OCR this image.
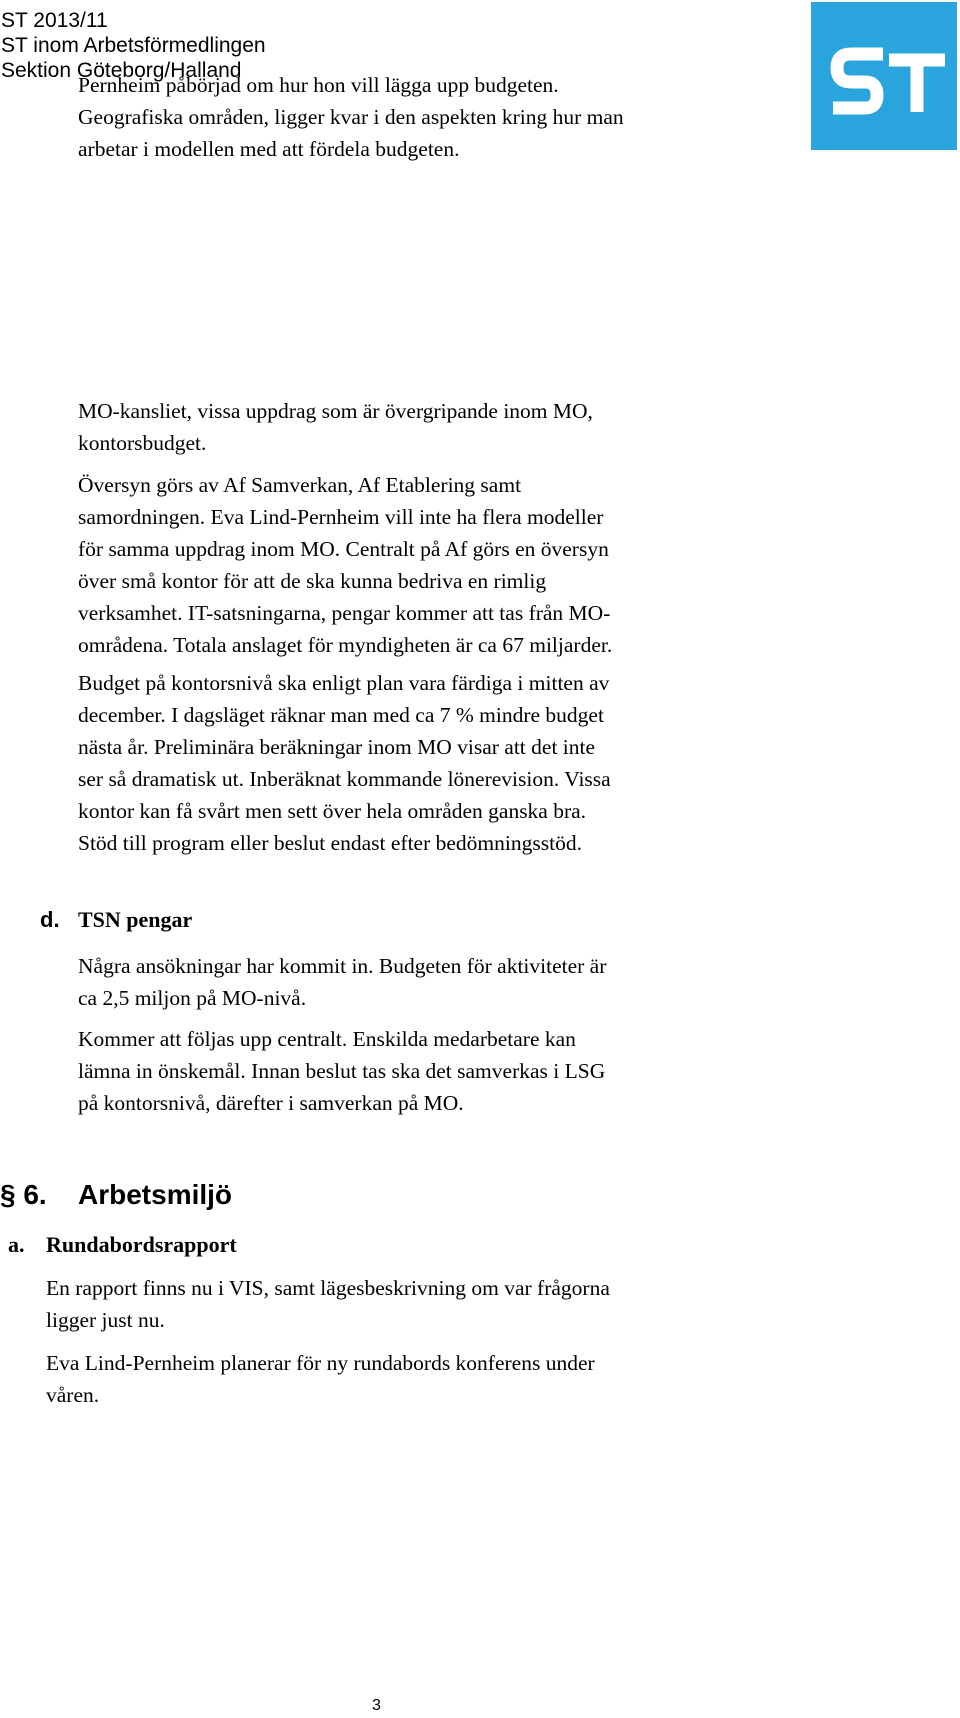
ST 2013/11
ST inom Arbetsförmedlingen
Sektion Göteborg/Halland

Pernheim påbörjad om hur hon vill lägga upp budgeten.

Geografiska områden, ligger kvar i den aspekten kring hur man

arbetar i modellen med att fördela budgeten.

MO-kansliet, vissa uppdrag som är övergripande inom MO,

kontorsbudget.

Översyn görs av Af Samverkan, Af Etablering samt

samordningen. Eva Lind-Pernheim vill inte ha flera modeller

för samma uppdrag inom MO. Centralt på Af görs en översyn

över små kontor för att de ska kunna bedriva en rimlig

verksamhet. IT-satsningarna, pengar kommer att tas från MO-

områdena. Totala anslaget för myndigheten är ca 67 miljarder.

Budget på kontorsnivå ska enligt plan vara färdiga i mitten av

december. I dagsläget räknar man med ca 7 % mindre budget

nästa år. Preliminära beräkningar inom MO visar att det inte

ser så dramatisk ut. Inberäknat kommande lönerevision. Vissa

kontor kan få svårt men sett över hela områden ganska bra.

Stöd till program eller beslut endast efter bedömningsstöd.

d. TSN pengar

Några ansökningar har kommit in. Budgeten för aktiviteter är

ca 2,5 miljon på MO-nivå.

Kommer att följas upp centralt. Enskilda medarbetare kan

lämna in önskemål. Innan beslut tas ska det samverkas i LSG

på kontorsnivå, därefter i samverkan på MO.

§ 6. Arbetsmiljö
a. Rundabordsrapport

En rapport finns nu i VIS, samt lägesbeskrivning om var frågorna

ligger just nu.

Eva Lind-Pernheim planerar för ny rundabords konferens under

våren.

3
